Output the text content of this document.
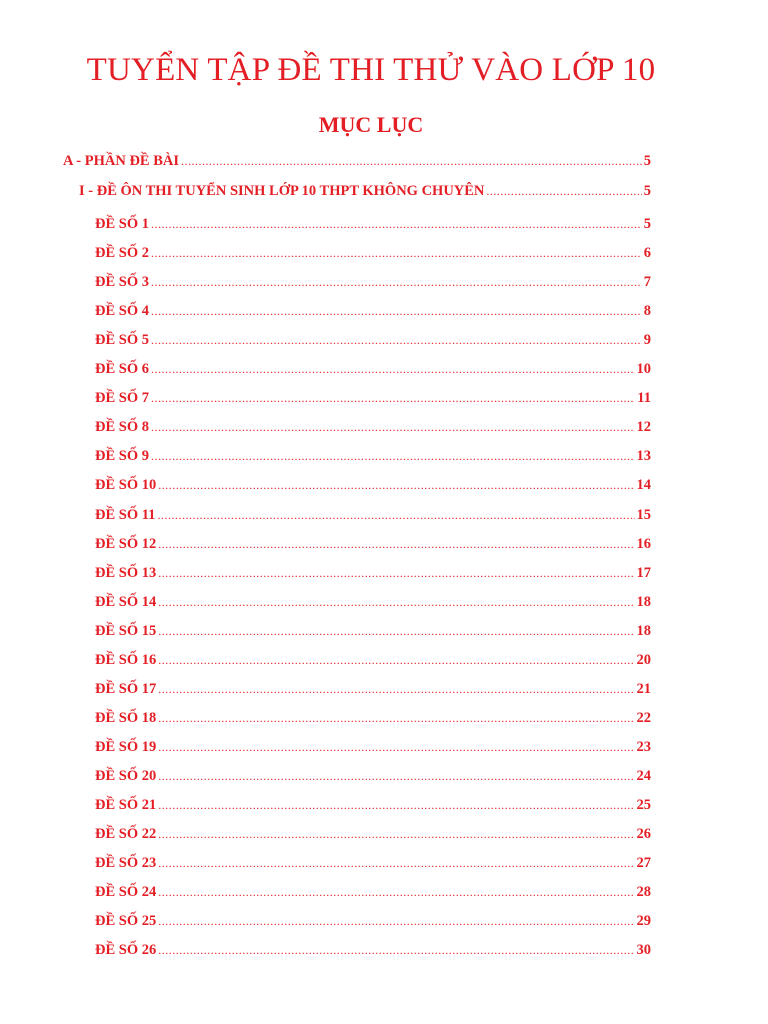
TUYỂN TẬP ĐỀ THI THỬ VÀO LỚP 10
MỤC LỤC
A - PHẦN ĐỀ BÀI .....	5
I - ĐỀ ÔN THI TUYỂN SINH LỚP 10 THPT KHÔNG CHUYÊN .....	5
ĐỀ SỐ 1 .....	5
ĐỀ SỐ 2 .....	6
ĐỀ SỐ 3 .....	7
ĐỀ SỐ 4 .....	8
ĐỀ SỐ 5 .....	9
ĐỀ SỐ 6 .....	10
ĐỀ SỐ 7 .....	11
ĐỀ SỐ 8 .....	12
ĐỀ SỐ 9 .....	13
ĐỀ SỐ 10 .....	14
ĐỀ SỐ 11 .....	15
ĐỀ SỐ 12 .....	16
ĐỀ SỐ 13 .....	17
ĐỀ SỐ 14 .....	18
ĐỀ SỐ 15 .....	18
ĐỀ SỐ 16 .....	20
ĐỀ SỐ 17 .....	21
ĐỀ SỐ 18 .....	22
ĐỀ SỐ 19 .....	23
ĐỀ SỐ 20 .....	24
ĐỀ SỐ 21 .....	25
ĐỀ SỐ 22 .....	26
ĐỀ SỐ 23 .....	27
ĐỀ SỐ 24 .....	28
ĐỀ SỐ 25 .....	29
ĐỀ SỐ 26 .....	30
